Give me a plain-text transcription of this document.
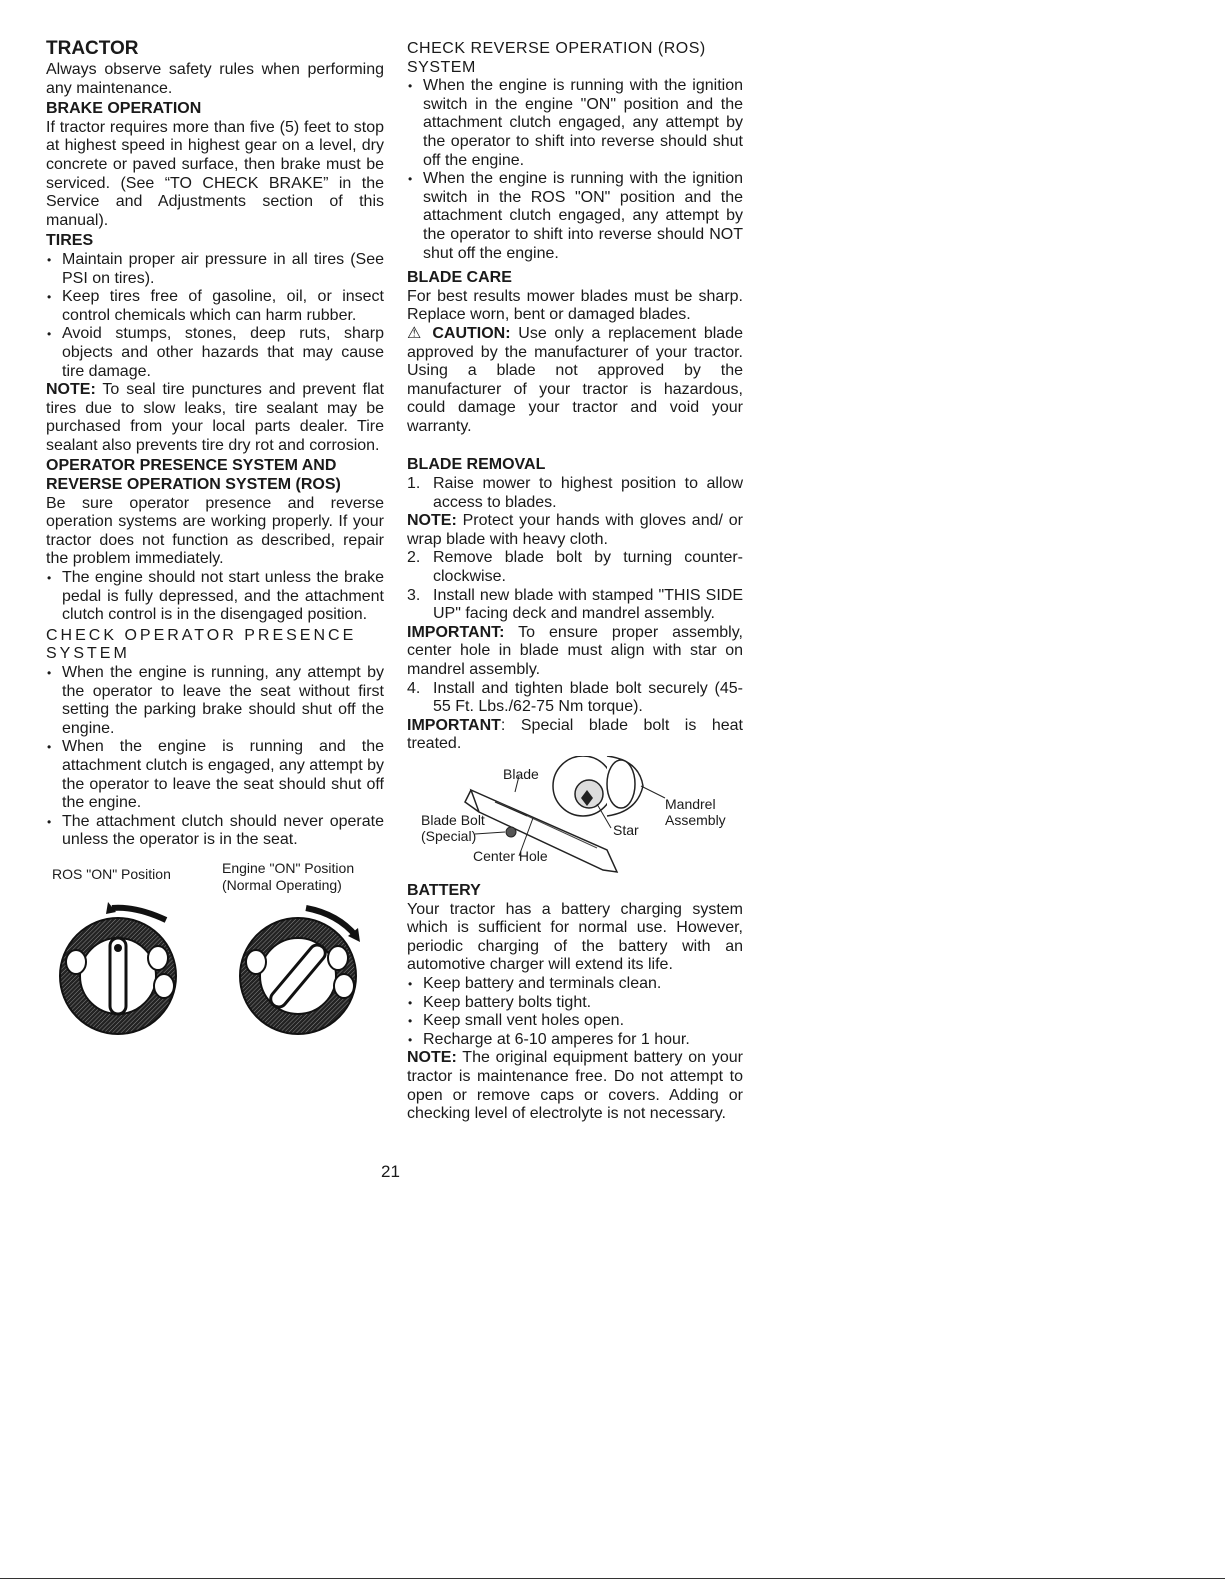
TRACTOR

Always observe safety rules when performing any maintenance.

BRAKE OPERATION

If tractor requires more than five (5) feet to stop at highest speed in highest gear on a level, dry concrete or paved surface, then brake must be serviced. (See “TO CHECK BRAKE” in the Service and Adjustments section of this manual).

TIRES
• Maintain proper air pressure in all tires (See PSI on tires).
• Keep tires free of gasoline, oil, or insect control chemicals which can harm rubber.
• Avoid stumps, stones, deep ruts, sharp objects and other hazards that may cause tire damage.

NOTE: To seal tire punctures and prevent flat tires due to slow leaks, tire sealant may be purchased from your local parts dealer. Tire sealant also prevents tire dry rot and corrosion.

OPERATOR PRESENCE SYSTEM AND REVERSE OPERATION SYSTEM (ROS)

Be sure operator presence and reverse operation systems are working properly. If your tractor does not function as described, repair the problem immediately.

• The engine should not start unless the brake pedal is fully depressed, and the attachment clutch control is in the disengaged position.
CHECK OPERATOR PRESENCE SYSTEM
• When the engine is running, any attempt by the operator to leave the seat without first setting the parking brake should shut off the engine.
• When the engine is running and the attachment clutch is engaged, any attempt by the operator to leave the seat should shut off the engine.
• The attachment clutch should never operate unless the operator is in the seat.
ROS "ON" Position	Engine "ON" Position
(Normal Operating)
CHECK REVERSE OPERATION (ROS) SYSTEM
• When the engine is running with the ignition switch in the engine "ON" position and the attachment clutch engaged, any attempt by the operator to shift into reverse should shut off the engine.
• When the engine is running with the ignition switch in the ROS "ON" position and the attachment clutch engaged, any attempt by the operator to shift into reverse should NOT shut off the engine.
BLADE CARE

For best results mower blades must be sharp. Replace worn, bent or damaged blades.

⚠ CAUTION: Use only a replacement blade approved by the manufacturer of your tractor. Using a blade not approved by the manufacturer of your tractor is hazardous, could damage your tractor and void your warranty.

BLADE REMOVAL
1. Raise mower to highest position to allow access to blades.

NOTE: Protect your hands with gloves and/ or wrap blade with heavy cloth.

2. Remove blade bolt by turning counter-clockwise.
3. Install new blade with stamped "THIS SIDE UP" facing deck and mandrel assembly.

IMPORTANT: To ensure proper assembly, center hole in blade must align with star on mandrel assembly.

4. Install and tighten blade bolt securely (45-55 Ft. Lbs./62-75 Nm torque).

IMPORTANT: Special blade bolt is heat treated.

Blade
Mandrel
Assembly
Blade Bolt
(Special)	Star
Center Hole
BATTERY

Your tractor has a battery charging system which is sufficient for normal use. However, periodic charging of the battery with an automotive charger will extend its life.

• Keep battery and terminals clean.
• Keep battery bolts tight.
• Keep small vent holes open.
• Recharge at 6-10 amperes for 1 hour.

NOTE: The original equipment battery on your tractor is maintenance free. Do not attempt to open or remove caps or covers. Adding or checking level of electrolyte is not necessary.

21
